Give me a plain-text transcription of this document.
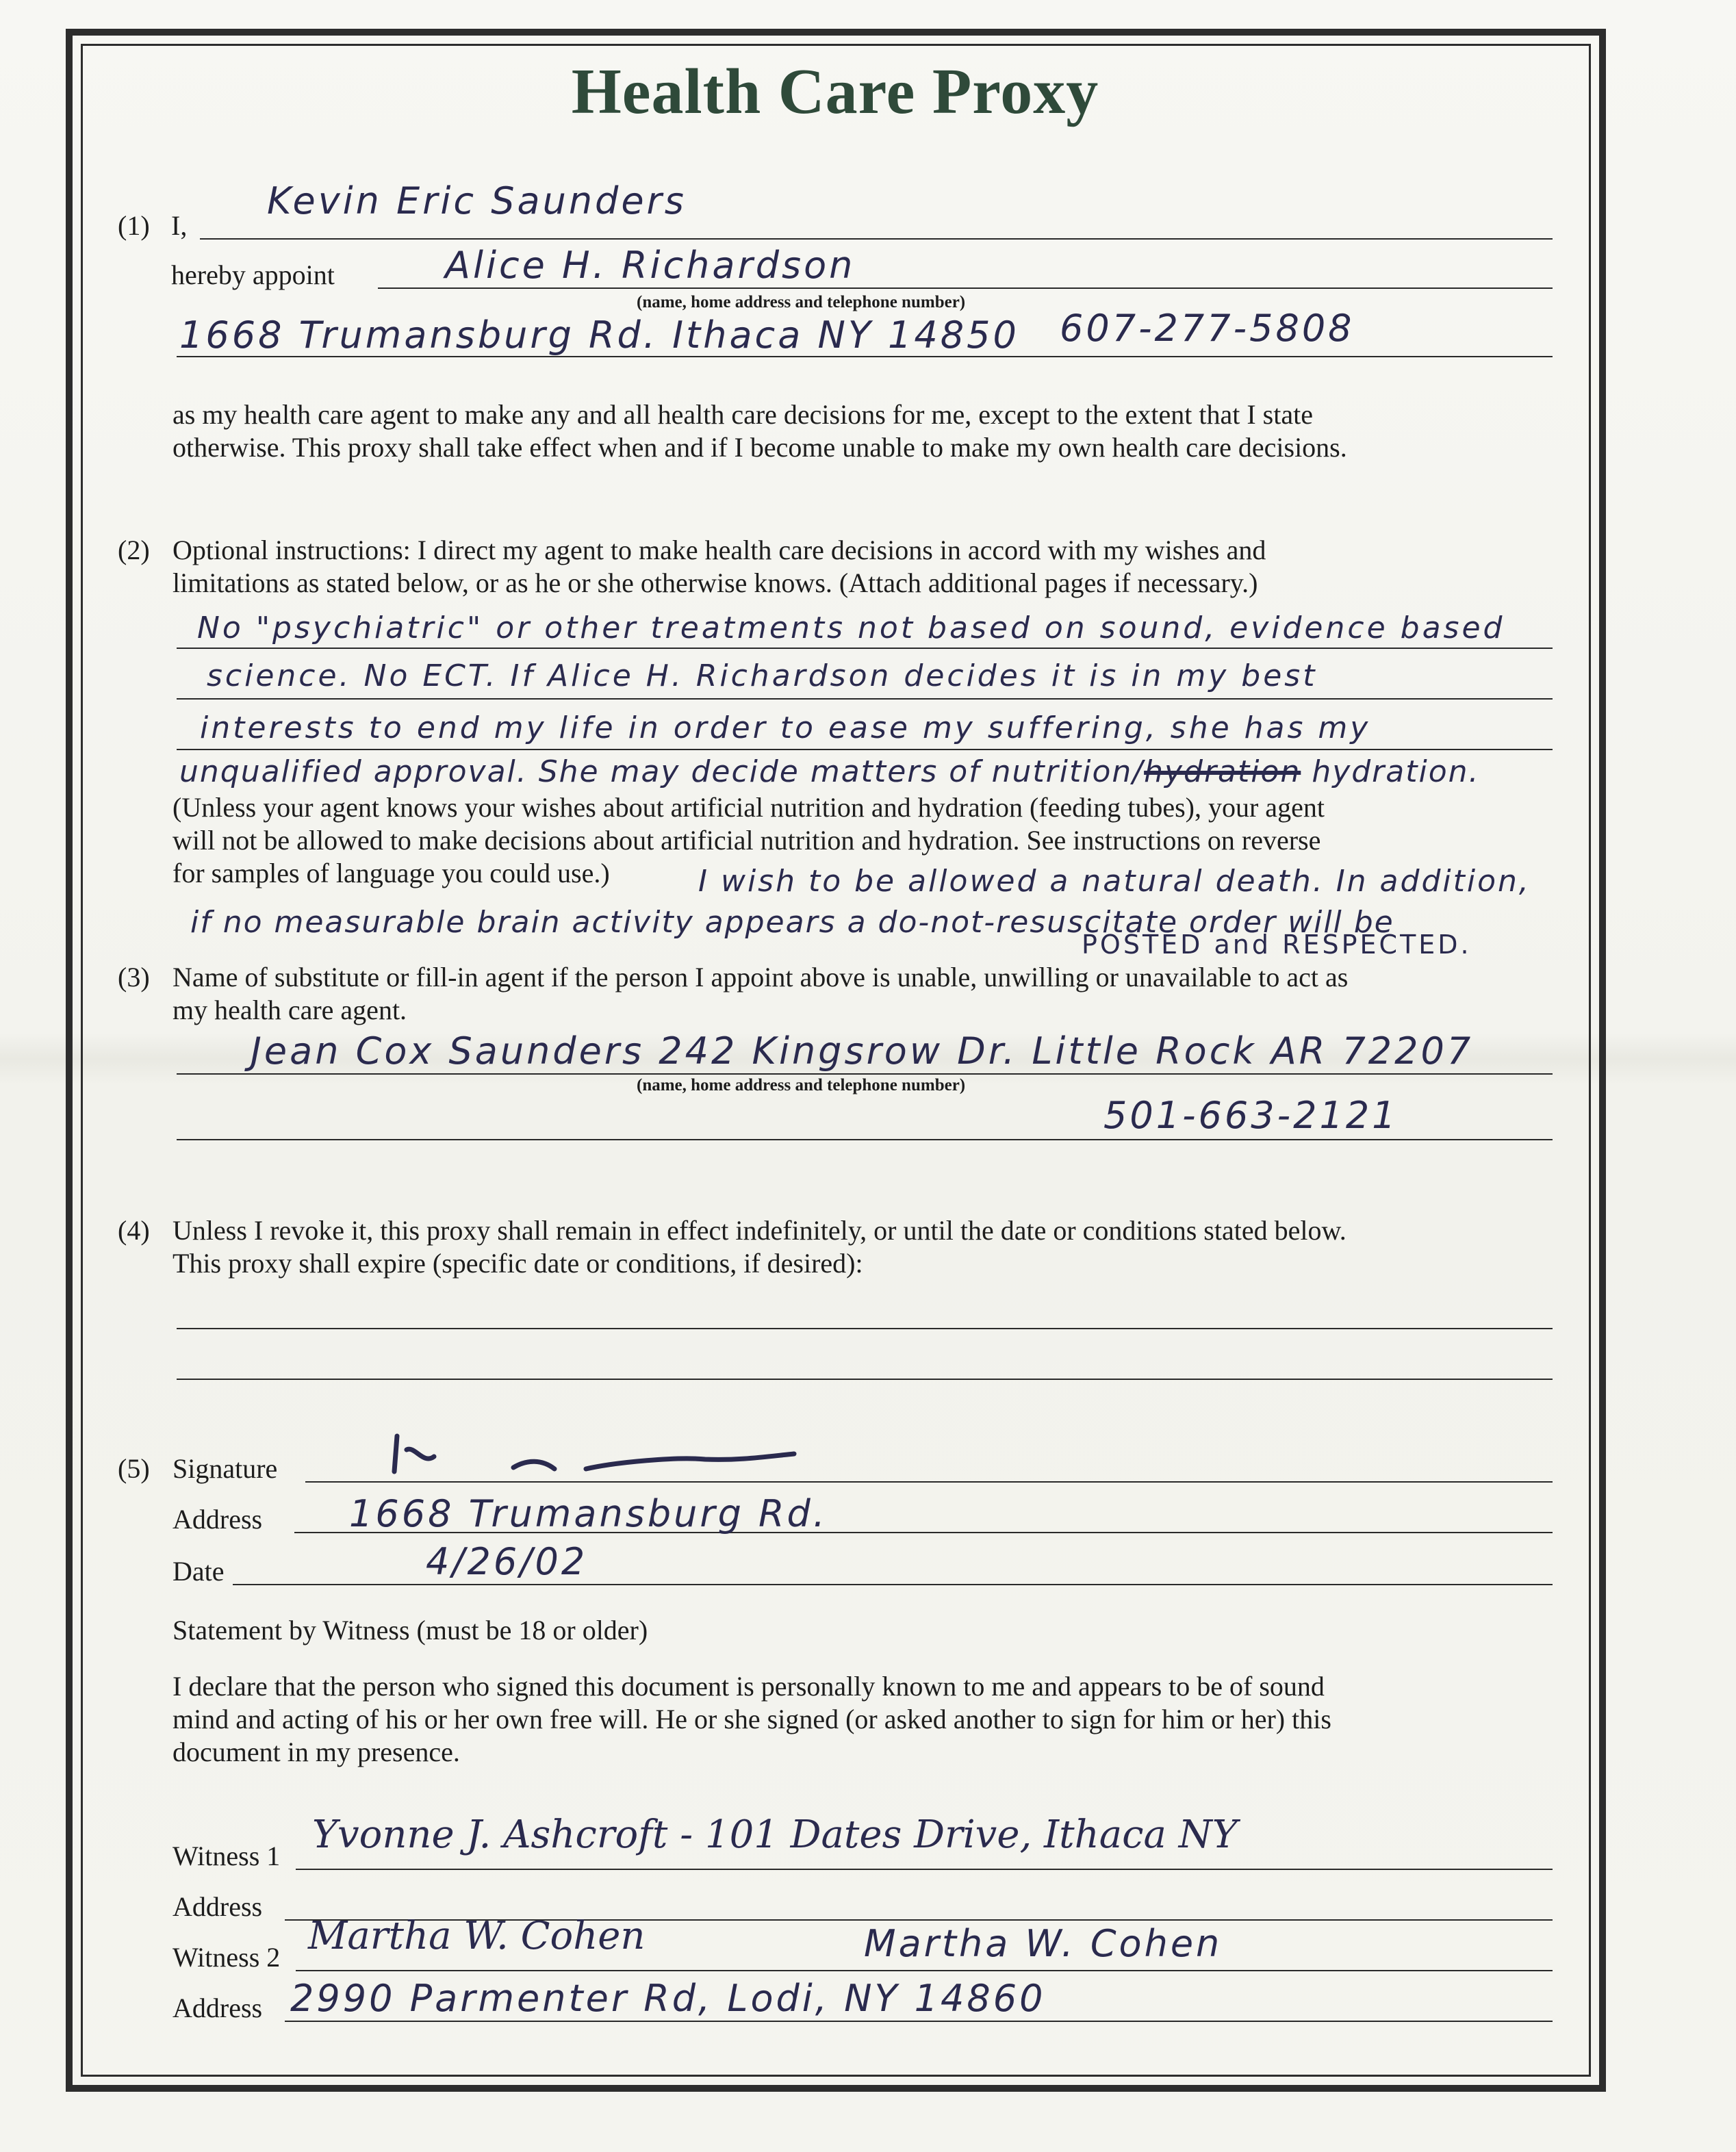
Health Care Proxy
(1) I,
Kevin Eric Saunders
hereby appoint	Alice H. Richardson
(name, home address and telephone number)
1668 Trumansburg Rd. Ithaca NY 14850 607-277-5808
as my health care agent to make any and all health care decisions for me, except to the extent that I state
otherwise. This proxy shall take effect when and if I become unable to make my own health care decisions.
(2) Optional instructions: I direct my agent to make health care decisions in accord with my wishes and
limitations as stated below, or as he or she otherwise knows. (Attach additional pages if necessary.)
No "psychiatric" or other treatments not based on sound, evidence based
science. No ECT. If Alice H. Richardson decides it is in my best
interests to end my life in order to ease my suffering, she has my
unqualified approval. She may decide matters of nutrition/hydration hydration.
(Unless your agent knows your wishes about artificial nutrition and hydration (feeding tubes), your agent
will not be allowed to make decisions about artificial nutrition and hydration. See instructions on reverse
for samples of language you could use.)	I wish to be allowed a natural death. In addition,
if no measurable brain activity appears a do-not-resuscitate order will be
POSTED and RESPECTED.
(3) Name of substitute or fill-in agent if the person I appoint above is unable, unwilling or unavailable to act as
my health care agent.
Jean Cox Saunders 242 Kingsrow Dr. Little Rock AR 72207
(name, home address and telephone number)
501-663-2121
(4) Unless I revoke it, this proxy shall remain in effect indefinitely, or until the date or conditions stated below.
This proxy shall expire (specific date or conditions, if desired):
(5) Signature
Address 1668 Trumansburg Rd.
Date	4/26/02
Statement by Witness (must be 18 or older)
I declare that the person who signed this document is personally known to me and appears to be of sound
mind and acting of his or her own free will. He or she signed (or asked another to sign for him or her) this
document in my presence.
Witness 1 Yvonne J. Ashcroft - 101 Dates Drive, Ithaca NY
Address
Witness 2 Martha W. Cohen	Martha W. Cohen
Address 2990 Parmenter Rd, Lodi, NY 14860
